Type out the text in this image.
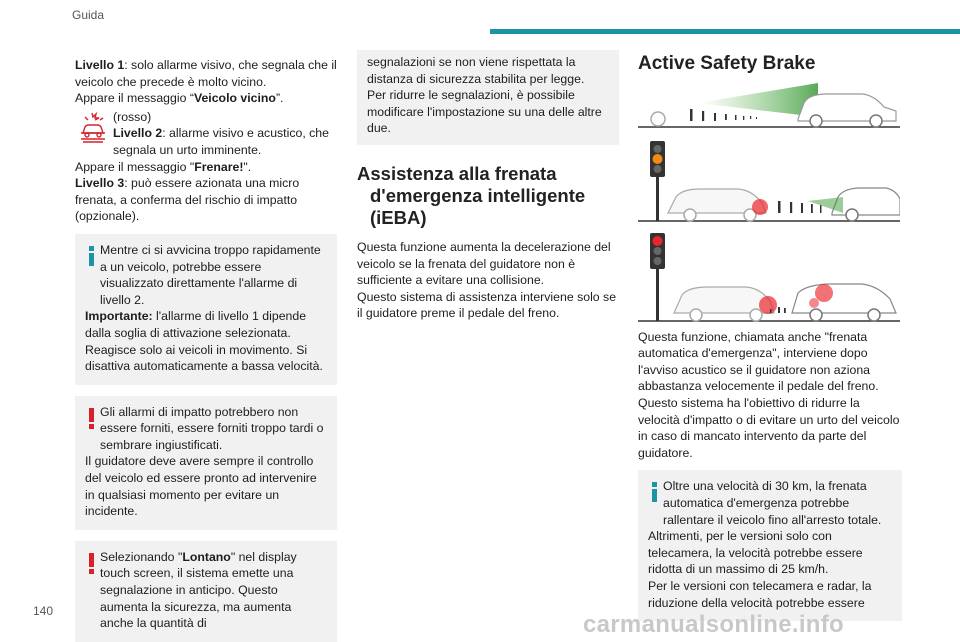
Guida

Livello 1: solo allarme visivo, che segnala che il veicolo che precede è molto vicino.

Appare il messaggio “Veicolo vicino”.

(rosso)

Livello 2: allarme visivo e acustico, che segnala un urto imminente.

Appare il messaggio "Frenare!".

Livello 3: può essere azionata una micro frenata, a conferma del rischio di impatto (opzionale).

Mentre ci si avvicina troppo rapidamente a un veicolo, potrebbe essere visualizzato direttamente l'allarme di livello 2.

Importante: l'allarme di livello 1 dipende dalla soglia di attivazione selezionata. Reagisce solo ai veicoli in movimento. Si disattiva automaticamente a bassa velocità.

Gli allarmi di impatto potrebbero non essere forniti, essere forniti troppo tardi o sembrare ingiustificati.

Il guidatore deve avere sempre il controllo del veicolo ed essere pronto ad intervenire in qualsiasi momento per evitare un incidente.

Selezionando "Lontano" nel display touch screen, il sistema emette una segnalazione in anticipo. Questo aumenta la sicurezza, ma aumenta anche la quantità di

segnalazioni se non viene rispettata la distanza di sicurezza stabilita per legge.

Per ridurre le segnalazioni, è possibile modificare l'impostazione su una delle altre due.

Assistenza alla frenata
d'emergenza intelligente
(iEBA)

Questa funzione aumenta la decelerazione del veicolo se la frenata del guidatore non è sufficiente a evitare una collisione.

Questo sistema di assistenza interviene solo se il guidatore preme il pedale del freno.

Active Safety Brake

Questa funzione, chiamata anche "frenata automatica d'emergenza", interviene dopo l'avviso acustico se il guidatore non aziona abbastanza velocemente il pedale del freno.

Questo sistema ha l'obiettivo di ridurre la velocità d'impatto o di evitare un urto del veicolo in caso di mancato intervento da parte del guidatore.

Oltre una velocità di 30 km, la frenata automatica d'emergenza potrebbe rallentare il veicolo fino all'arresto totale.

Altrimenti, per le versioni solo con telecamera, la velocità potrebbe essere ridotta di un massimo di 25 km/h.

Per le versioni con telecamera e radar, la riduzione della velocità potrebbe essere

140	carmanualsonline.info
